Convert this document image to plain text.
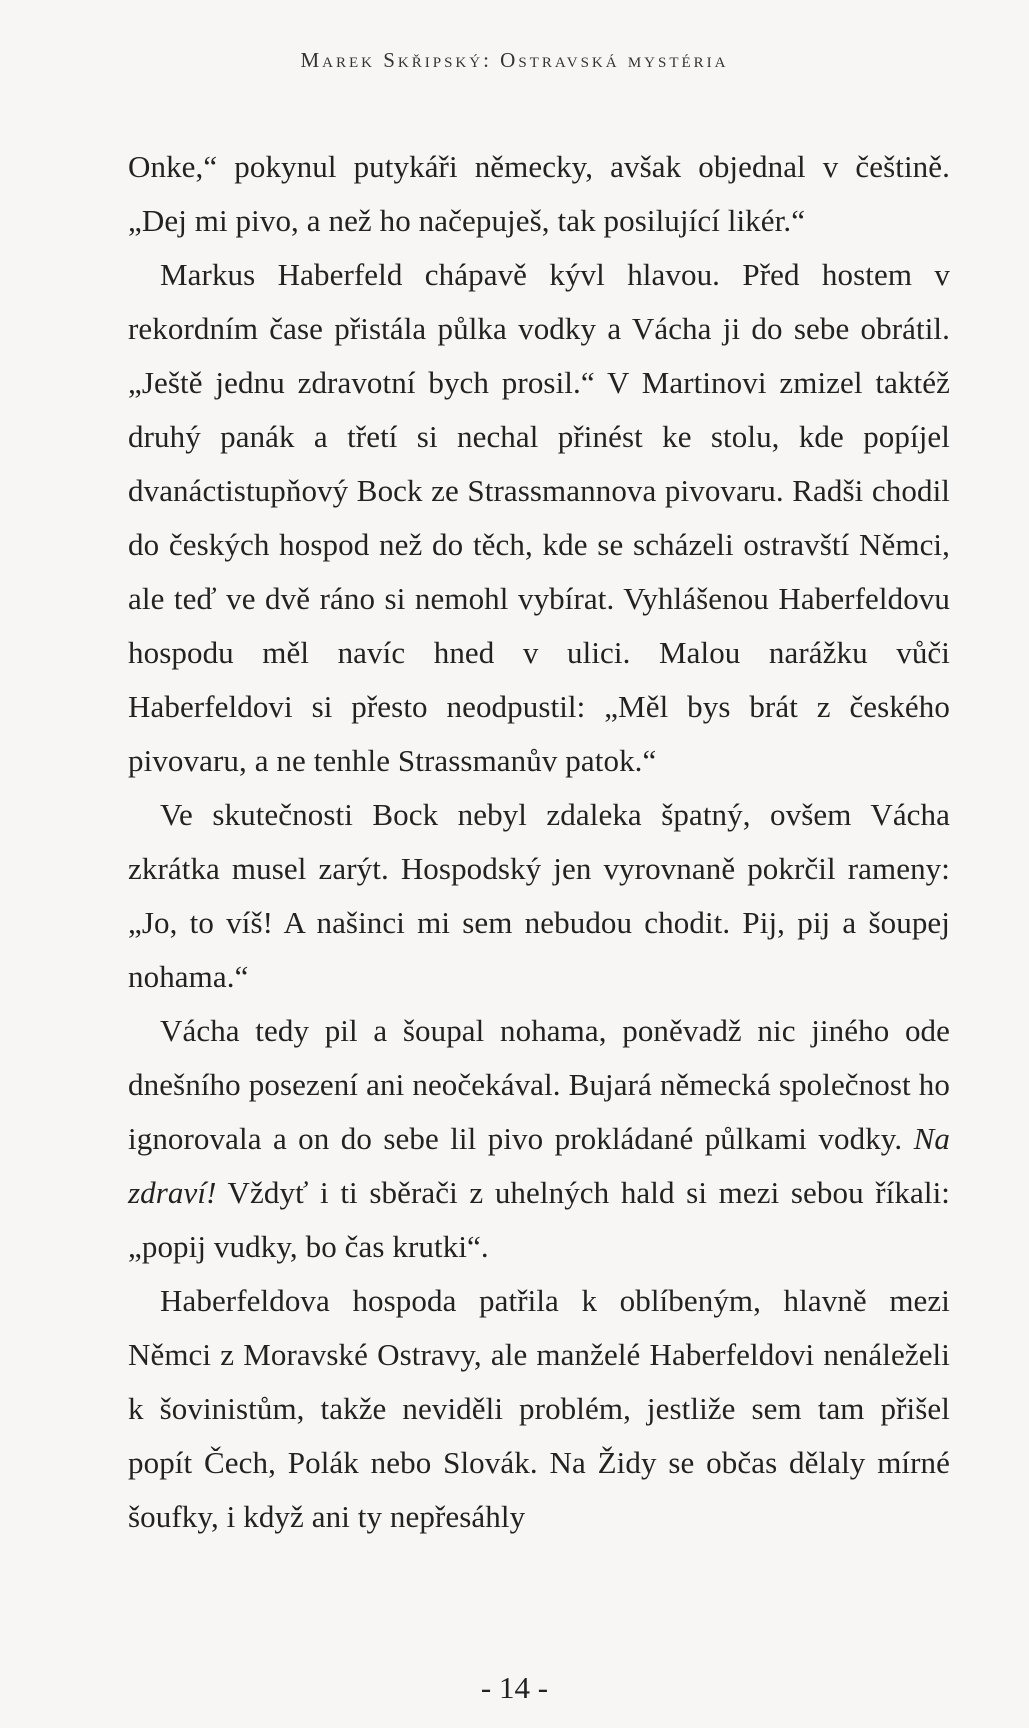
Marek Skřipský: Ostravská mystéria

Onke,“ pokynul putykáři německy, avšak objednal v češtině. „Dej mi pivo, a než ho načepuješ, tak posilující likér.“

Markus Haberfeld chápavě kývl hlavou. Před hostem v rekordním čase přistála půlka vodky a Vácha ji do sebe obrátil. „Ještě jednu zdravotní bych prosil.“ V Martinovi zmizel taktéž druhý panák a třetí si nechal přinést ke stolu, kde popíjel dvanáctistupňový Bock ze Strassmannova pivovaru. Radši chodil do českých hospod než do těch, kde se scházeli ostravští Němci, ale teď ve dvě ráno si nemohl vybírat. Vyhlášenou Haberfeldovu hospodu měl navíc hned v ulici. Malou narážku vůči Haberfeldovi si přesto neodpustil: „Měl bys brát z českého pivovaru, a ne tenhle Strassmanův patok.“

Ve skutečnosti Bock nebyl zdaleka špatný, ovšem Vácha zkrátka musel zarýt. Hospodský jen vyrovnaně pokrčil rameny: „Jo, to víš! A našinci mi sem nebudou chodit. Pij, pij a šoupej nohama.“

Vácha tedy pil a šoupal nohama, poněvadž nic jiného ode dnešního posezení ani neočekával. Bujará německá společnost ho ignorovala a on do sebe lil pivo prokládané půlkami vodky. Na zdraví! Vždyť i ti sběrači z uhelných hald si mezi sebou říkali: „popij vudky, bo čas krutki“.

Haberfeldova hospoda patřila k oblíbeným, hlavně mezi Němci z Moravské Ostravy, ale manželé Haberfeldovi nenáleželi k šovinistům, takže neviděli problém, jestliže sem tam přišel popít Čech, Polák nebo Slovák. Na Židy se občas dělaly mírné šoufky, i když ani ty nepřesáhly

- 14 -
